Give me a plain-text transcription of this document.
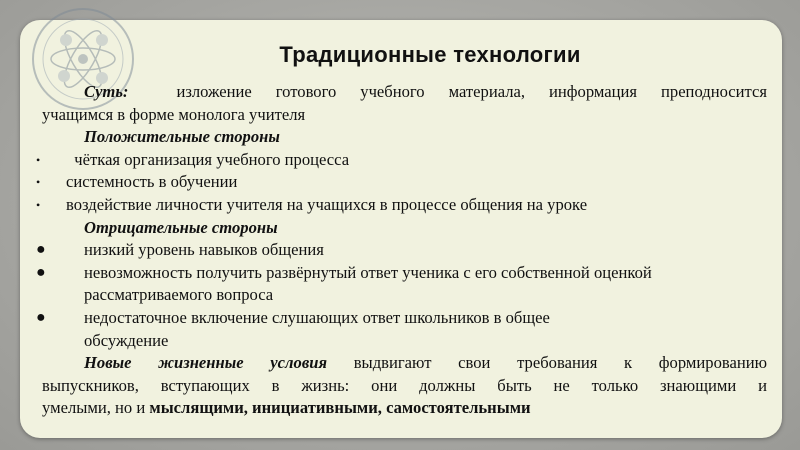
Традиционные технологии

Суть:	изложение готового учебного материала, информация преподносится

учащимся в форме монолога учителя

Положительные стороны

• чёткая организация учебного процесса

• системность в обучении

• воздействие личности учителя на учащихся в процессе общения на уроке

Отрицательные стороны

● низкий уровень навыков общения

● невозможность получить развёрнутый ответ ученика с его собственной оценкой

рассматриваемого вопроса

● недостаточное включение слушающих ответ школьников в общее

обсуждение

Новые жизненные условия выдвигают свои требования к формированию

выпускников, вступающих в жизнь: они должны быть не только знающими и

умелыми, но и мыслящими, инициативными, самостоятельными
